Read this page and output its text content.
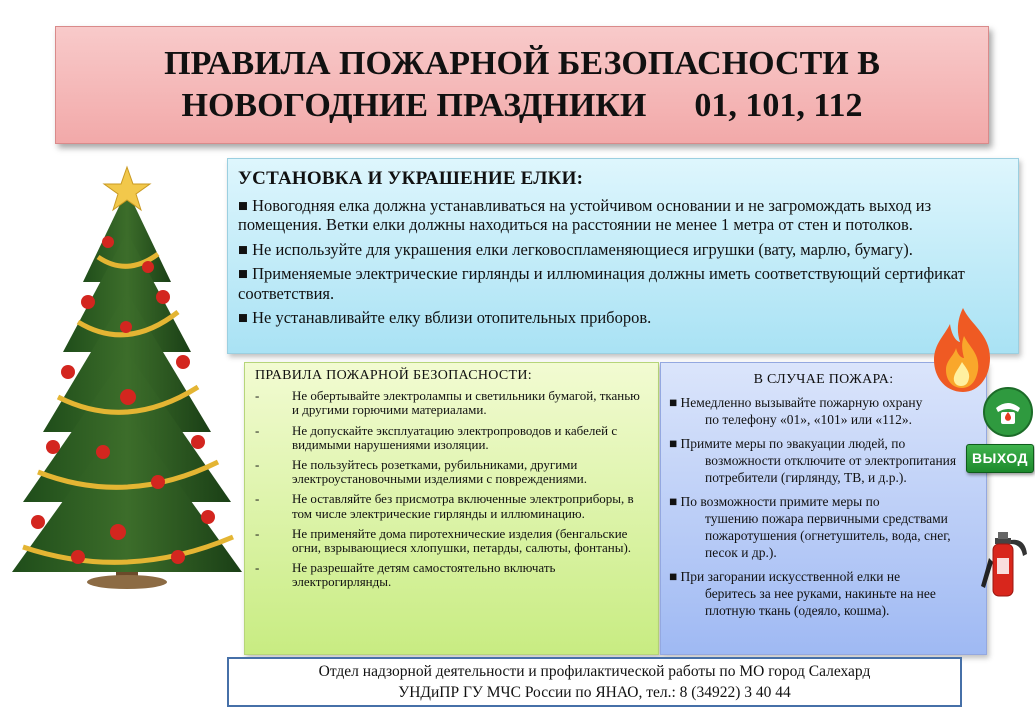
ПРАВИЛА ПОЖАРНОЙ БЕЗОПАСНОСТИ В
НОВОГОДНИЕ ПРАЗДНИКИ 01, 101, 112
УСТАНОВКА И УКРАШЕНИЕ ЕЛКИ:

■ Новогодняя елка должна устанавливаться на устойчивом основании и не загромождать выход из помещения. Ветки елки должны находиться на расстоянии не менее 1 метра от стен и потолков.

■ Не используйте для украшения елки легковоспламеняющиеся игрушки (вату, марлю, бумагу).

■ Применяемые электрические гирлянды и иллюминация должны иметь соответствующий сертификат соответствия.

■ Не устанавливайте елку вблизи отопительных приборов.

ПРАВИЛА ПОЖАРНОЙ БЕЗОПАСНОСТИ:
-	Не обертывайте электролампы и светильники бумагой, тканью и другими горючими материалами.
-	Не допускайте эксплуатацию электропроводов и кабелей с видимыми нарушениями изоляции.
-	Не пользуйтесь розетками, рубильниками, другими электроустановочными изделиями с повреждениями.
-	Не оставляйте без присмотра включенные электроприборы, в том числе электрические гирлянды и иллюминацию.
-	Не применяйте дома пиротехнические изделия (бенгальские огни, взрывающиеся хлопушки, петарды, салюты, фонтаны).
-	Не разрешайте детям самостоятельно включать электрогирлянды.
В СЛУЧАЕ ПОЖАРА:
■ Немедленно вызывайте пожарную охрану
по телефону «01», «101» или «112».
■ Примите меры по эвакуации людей, по
возможности отключите от электропитания потребители (гирлянду, ТВ, и д.р.).
■ По возможности примите меры по
тушению пожара первичными средствами пожаротушения (огнетушитель, вода, снег, песок и др.).
■ При загорании искусственной елки не
беритесь за нее руками, накиньте на нее плотную ткань (одеяло, кошма).
ВЫХОД
Отдел надзорной деятельности и профилактической работы по МО город Салехард
УНДиПР ГУ МЧС России по ЯНАО, тел.: 8 (34922) 3 40 44
